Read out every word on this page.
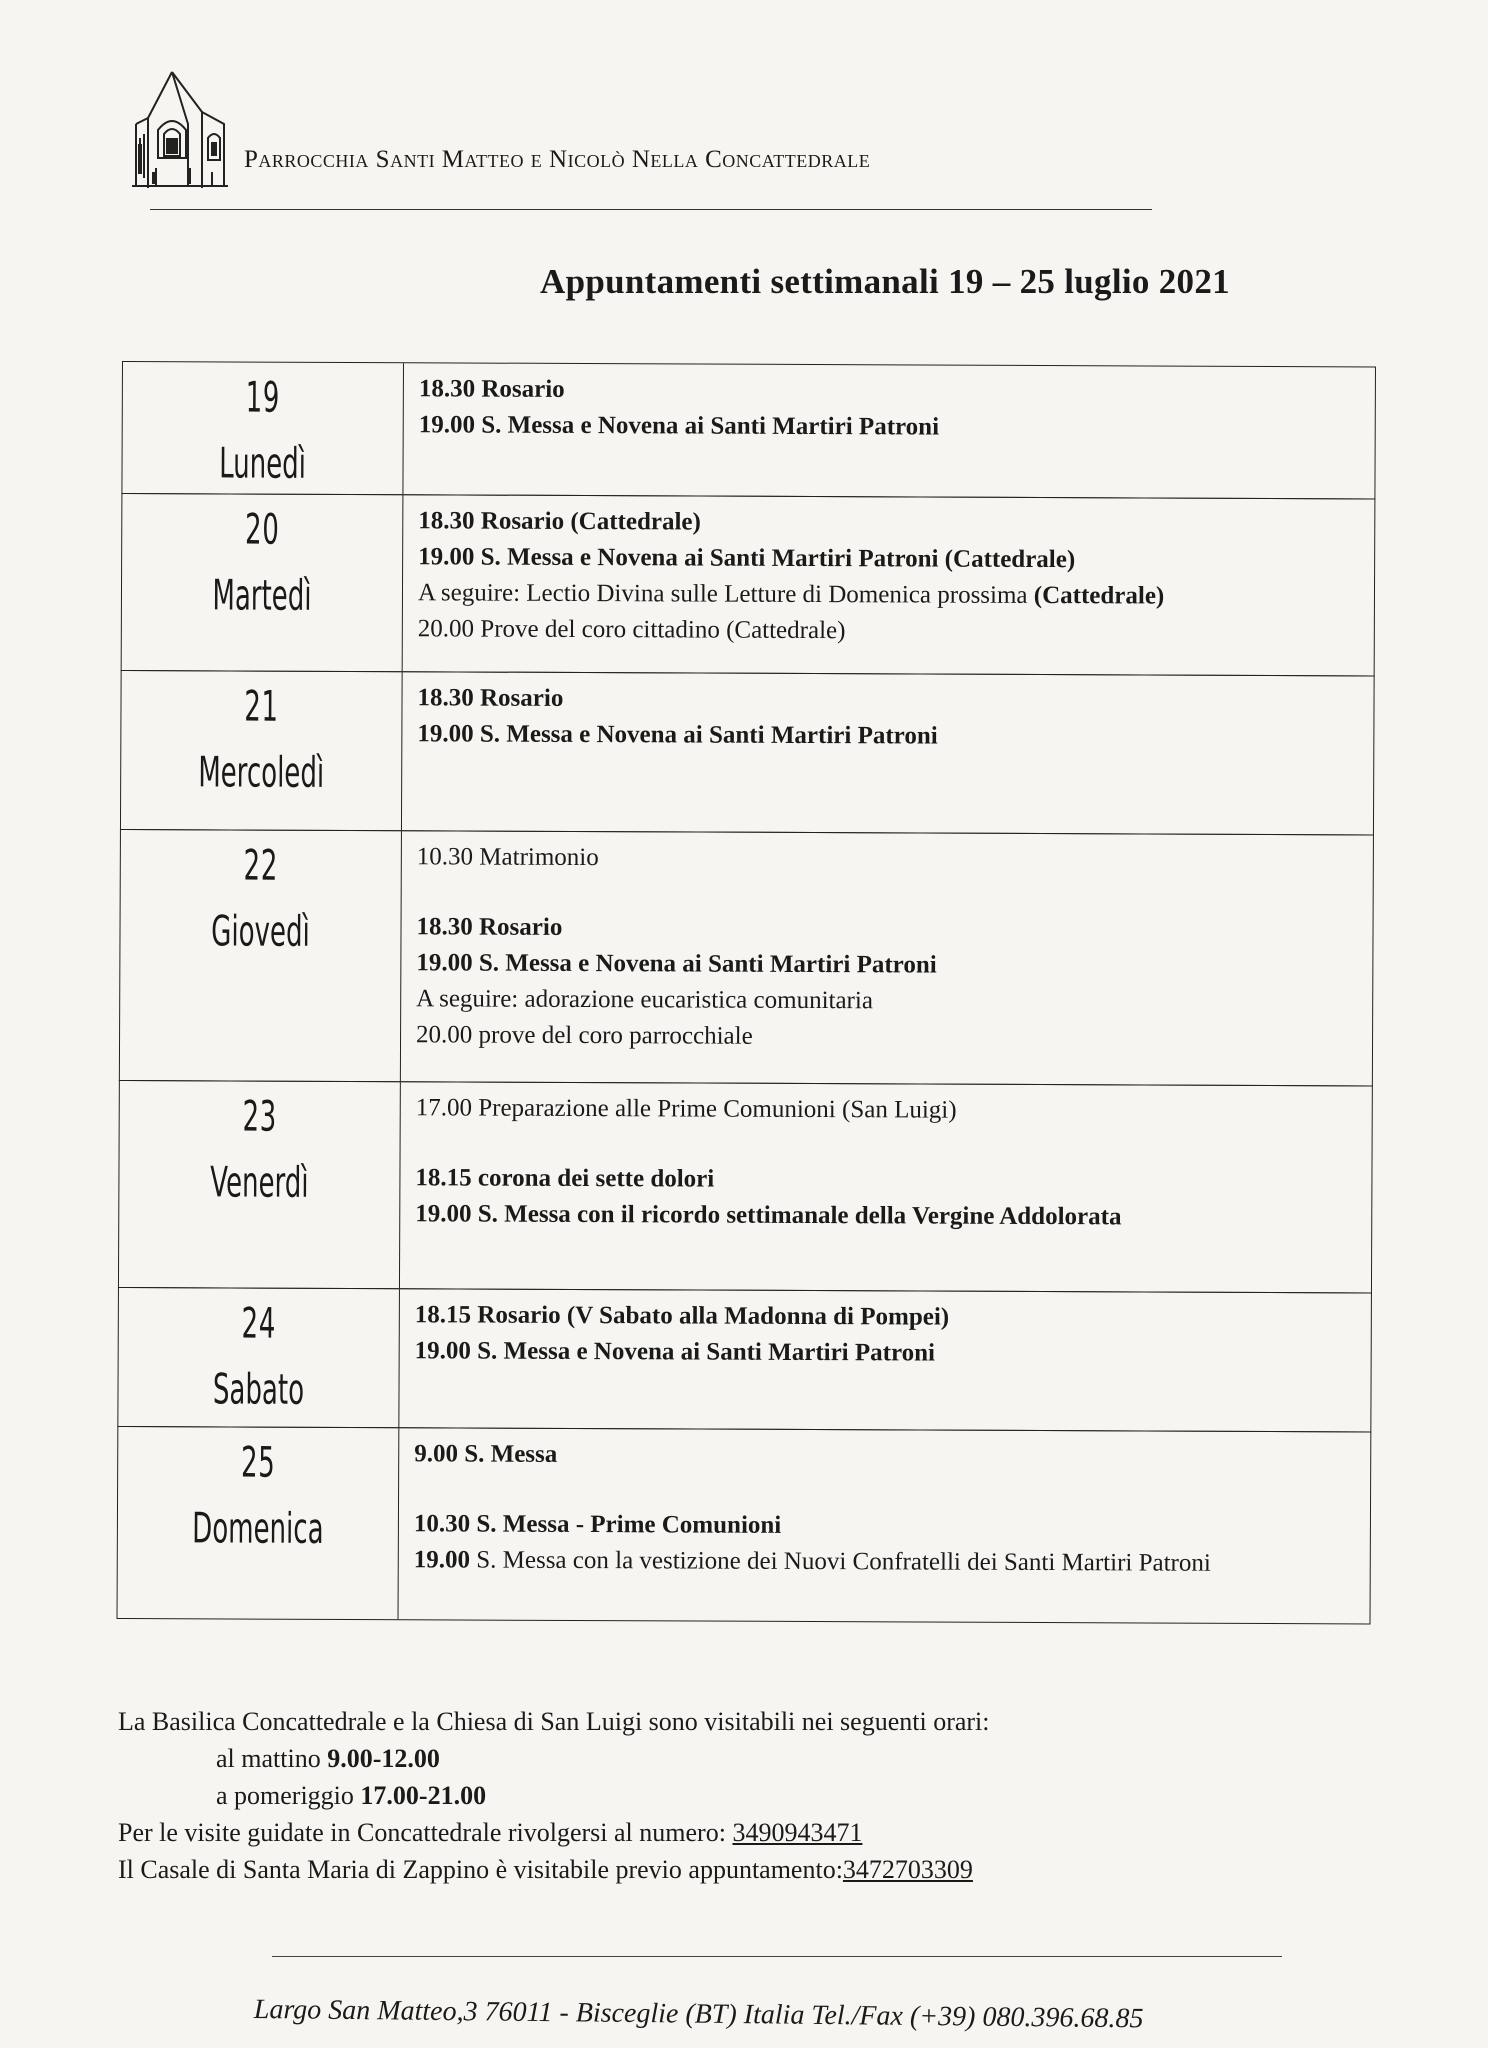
Parrocchia Santi Matteo e Nicolò Nella Concattedrale
Appuntamenti settimanali 19 – 25 luglio 2021
19
Lunedì
18.30 Rosario
19.00 S. Messa e Novena ai Santi Martiri Patroni
20
Martedì
18.30 Rosario (Cattedrale)
19.00 S. Messa e Novena ai Santi Martiri Patroni (Cattedrale)
A seguire: Lectio Divina sulle Letture di Domenica prossima (Cattedrale)
20.00 Prove del coro cittadino (Cattedrale)
21
Mercoledì
18.30 Rosario
19.00 S. Messa e Novena ai Santi Martiri Patroni
22
Giovedì
10.30 Matrimonio
18.30 Rosario
19.00 S. Messa e Novena ai Santi Martiri Patroni
A seguire: adorazione eucaristica comunitaria
20.00 prove del coro parrocchiale
23
Venerdì
17.00 Preparazione alle Prime Comunioni (San Luigi)
18.15 corona dei sette dolori
19.00 S. Messa con il ricordo settimanale della Vergine Addolorata
24
Sabato
18.15 Rosario (V Sabato alla Madonna di Pompei)
19.00 S. Messa e Novena ai Santi Martiri Patroni
25
Domenica
9.00 S. Messa
10.30 S. Messa - Prime Comunioni
19.00 S. Messa con la vestizione dei Nuovi Confratelli dei Santi Martiri Patroni
La Basilica Concattedrale e la Chiesa di San Luigi sono visitabili nei seguenti orari:
al mattino 9.00-12.00
a pomeriggio 17.00-21.00
Per le visite guidate in Concattedrale rivolgersi al numero: 3490943471
Il Casale di Santa Maria di Zappino è visitabile previo appuntamento:3472703309
Largo San Matteo,3 76011 - Bisceglie (BT) Italia Tel./Fax (+39) 080.396.68.85
